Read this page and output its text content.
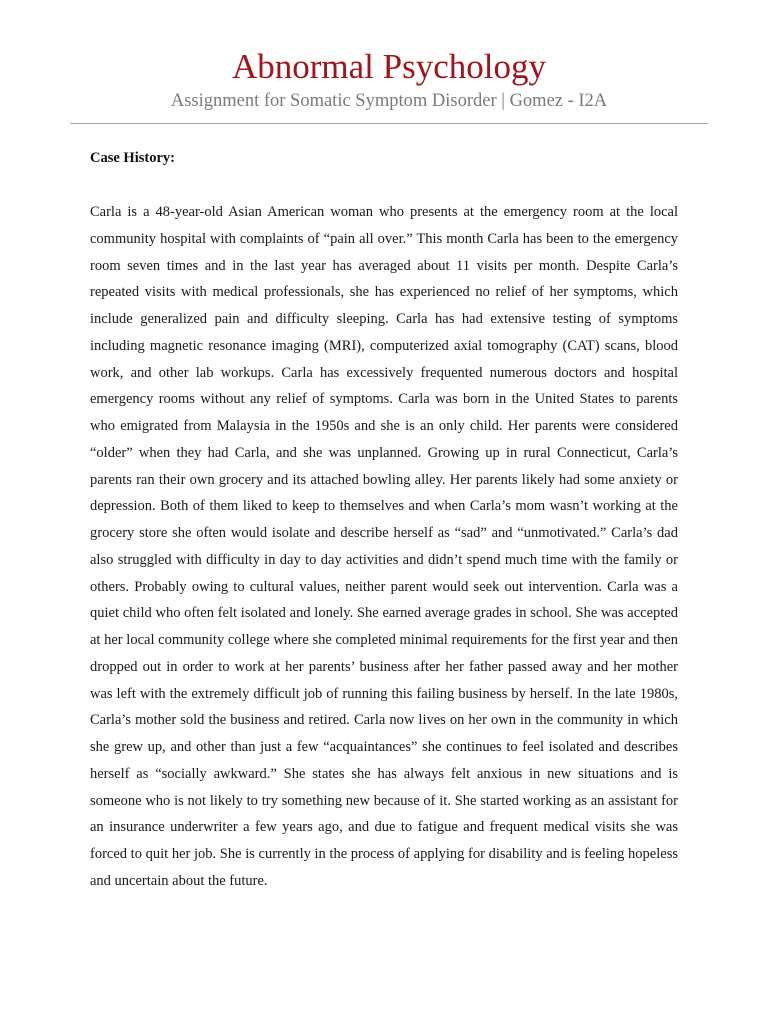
Abnormal Psychology

Assignment for Somatic Symptom Disorder | Gomez - I2A

Case History:

Carla is a 48-year-old Asian American woman who presents at the emergency room at the local community hospital with complaints of “pain all over.” This month Carla has been to the emergency room seven times and in the last year has averaged about 11 visits per month. Despite Carla’s repeated visits with medical professionals, she has experienced no relief of her symptoms, which include generalized pain and difficulty sleeping. Carla has had extensive testing of symptoms including magnetic resonance imaging (MRI), computerized axial tomography (CAT) scans, blood work, and other lab workups. Carla has excessively frequented numerous doctors and hospital emergency rooms without any relief of symptoms. Carla was born in the United States to parents who emigrated from Malaysia in the 1950s and she is an only child. Her parents were considered “older” when they had Carla, and she was unplanned. Growing up in rural Connecticut, Carla’s parents ran their own grocery and its attached bowling alley. Her parents likely had some anxiety or depression. Both of them liked to keep to themselves and when Carla’s mom wasn’t working at the grocery store she often would isolate and describe herself as “sad” and “unmotivated.” Carla’s dad also struggled with difficulty in day to day activities and didn’t spend much time with the family or others. Probably owing to cultural values, neither parent would seek out intervention. Carla was a quiet child who often felt isolated and lonely. She earned average grades in school. She was accepted at her local community college where she completed minimal requirements for the first year and then dropped out in order to work at her parents’ business after her father passed away and her mother was left with the extremely difficult job of running this failing business by herself. In the late 1980s, Carla’s mother sold the business and retired. Carla now lives on her own in the community in which she grew up, and other than just a few “acquaintances” she continues to feel isolated and describes herself as “socially awkward.” She states she has always felt anxious in new situations and is someone who is not likely to try something new because of it. She started working as an assistant for an insurance underwriter a few years ago, and due to fatigue and frequent medical visits she was forced to quit her job. She is currently in the process of applying for disability and is feeling hopeless and uncertain about the future.
